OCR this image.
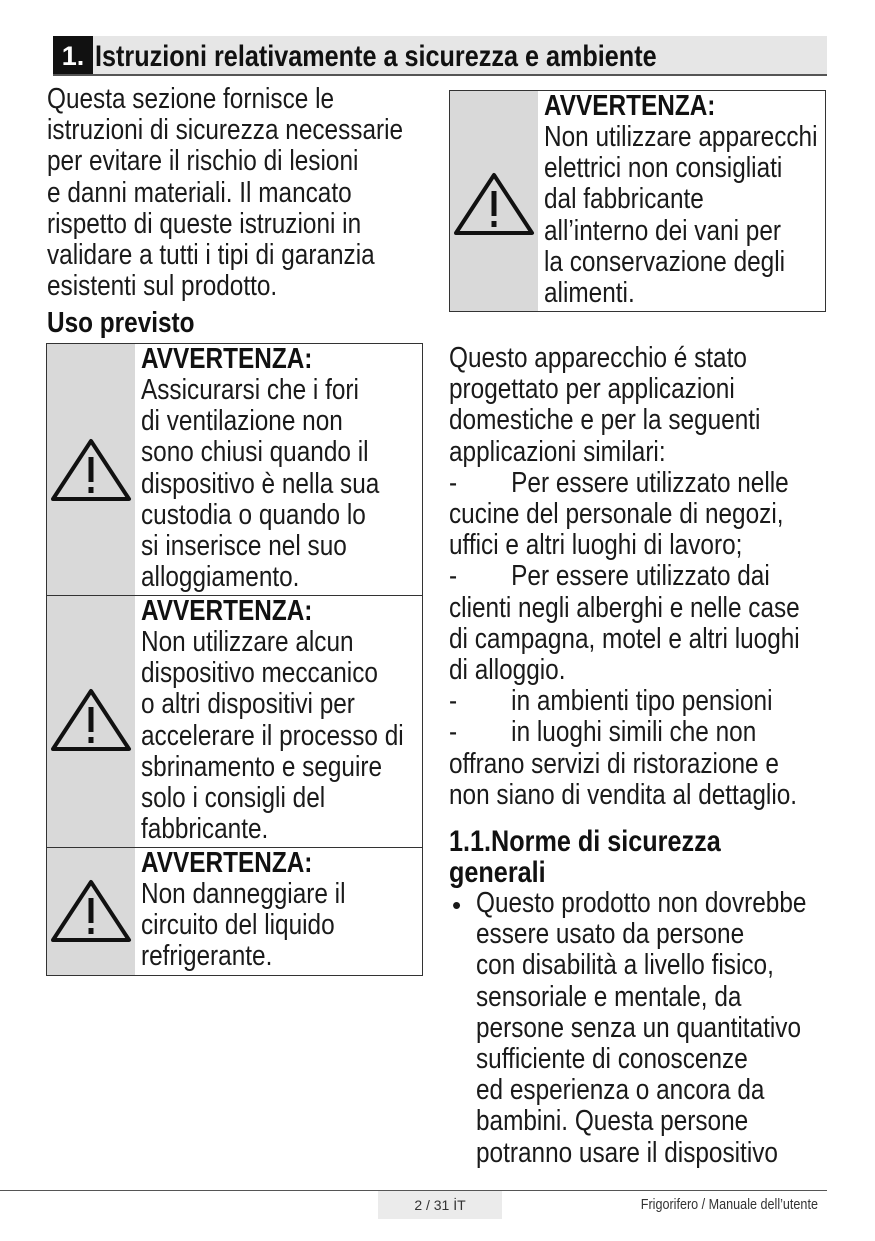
1. Istruzioni relativamente a sicurezza e ambiente
Questa sezione fornisce le
istruzioni di sicurezza necessarie
per evitare il rischio di lesioni
e danni materiali. Il mancato
rispetto di queste istruzioni in
validare a tutti i tipi di garanzia
esistenti sul prodotto.
Uso previsto
AVVERTENZA:
Assicurarsi che i fori
di ventilazione non
sono chiusi quando il
dispositivo è nella sua
custodia o quando lo
si inserisce nel suo
alloggiamento.
AVVERTENZA:
Non utilizzare alcun
dispositivo meccanico
o altri dispositivi per
accelerare il processo di
sbrinamento e seguire
solo i consigli del
fabbricante.
AVVERTENZA:
Non danneggiare il
circuito del liquido
refrigerante.
AVVERTENZA:
Non utilizzare apparecchi
elettrici non consigliati
dal fabbricante
all’interno dei vani per
la conservazione degli
alimenti.
Questo apparecchio é stato
progettato per applicazioni
domestiche e per la seguenti
applicazioni similari:
- Per essere utilizzato nelle
cucine del personale di negozi,
uffici e altri luoghi di lavoro;
- Per essere utilizzato dai
clienti negli alberghi e nelle case
di campagna, motel e altri luoghi
di alloggio.
- in ambienti tipo pensioni
- in luoghi simili che non
offrano servizi di ristorazione e
non siano di vendita al dettaglio.
1.1.Norme di sicurezza
generali
• Questo prodotto non dovrebbe
essere usato da persone
con disabilità a livello fisico,
sensoriale e mentale, da
persone senza un quantitativo
sufficiente di conoscenze
ed esperienza o ancora da
bambini. Questa persone
potranno usare il dispositivo
2 / 31 İT	Frigorifero / Manuale dell’utente
